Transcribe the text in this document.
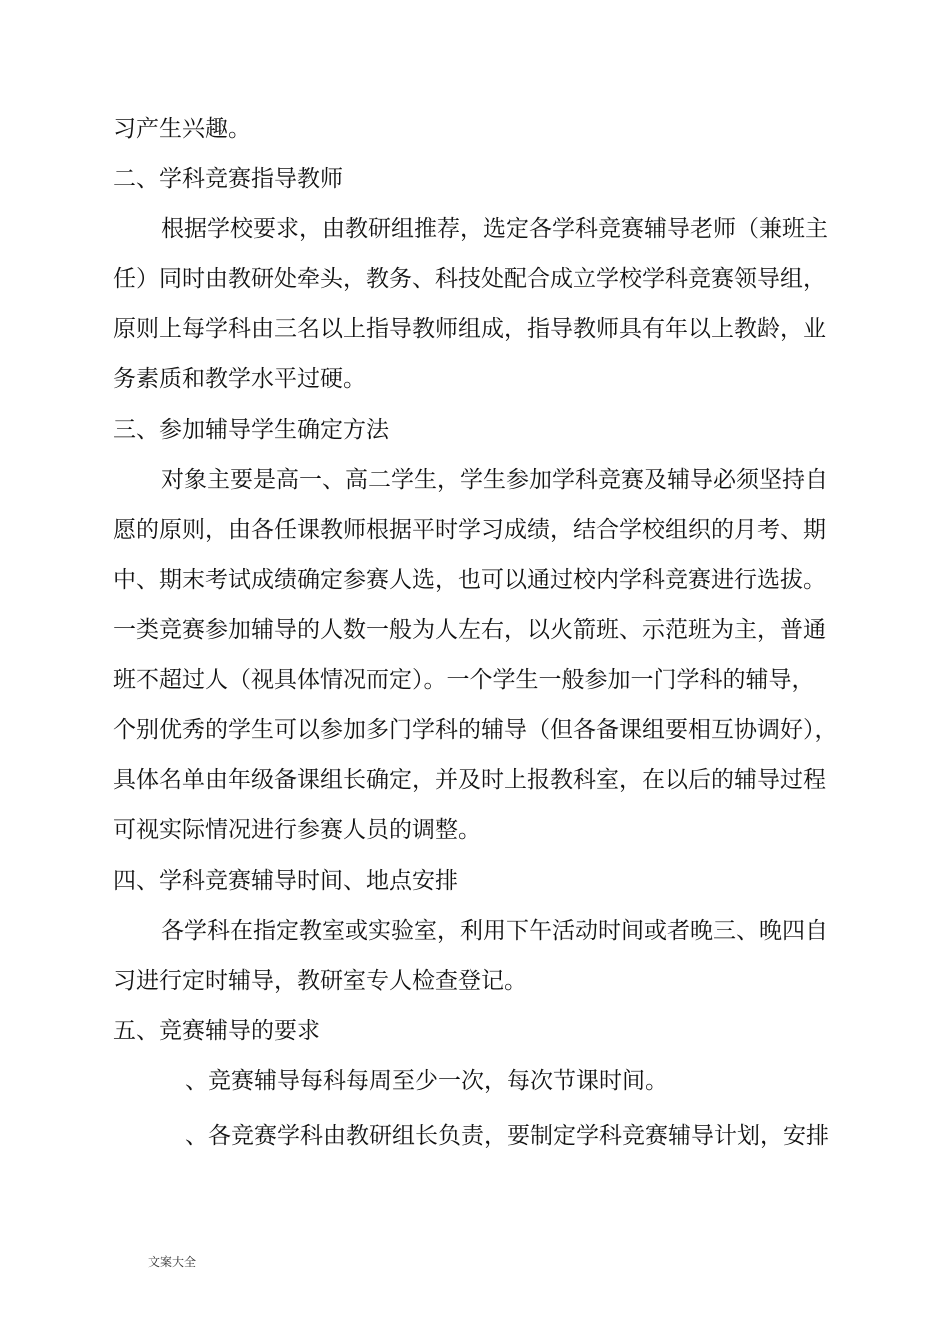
习产生兴趣。
二、学科竞赛指导教师
根据学校要求，由教研组推荐，选定各学科竞赛辅导老师（兼班主
任）同时由教研处牵头，教务、科技处配合成立学校学科竞赛领导组，
原则上每学科由三名以上指导教师组成，指导教师具有年以上教龄，业
务素质和教学水平过硬。
三、参加辅导学生确定方法
对象主要是高一、高二学生，学生参加学科竞赛及辅导必须坚持自
愿的原则，由各任课教师根据平时学习成绩，结合学校组织的月考、期
中、期末考试成绩确定参赛人选，也可以通过校内学科竞赛进行选拔。
一类竞赛参加辅导的人数一般为人左右，以火箭班、示范班为主，普通
班不超过人（视具体情况而定）。一个学生一般参加一门学科的辅导，
个别优秀的学生可以参加多门学科的辅导（但各备课组要相互协调好），
具体名单由年级备课组长确定，并及时上报教科室，在以后的辅导过程
可视实际情况进行参赛人员的调整。
四、学科竞赛辅导时间、地点安排
各学科在指定教室或实验室，利用下午活动时间或者晚三、晚四自
习进行定时辅导，教研室专人检查登记。
五、竞赛辅导的要求
、竞赛辅导每科每周至少一次，每次节课时间。
、各竞赛学科由教研组长负责，要制定学科竞赛辅导计划，安排
文案大全
